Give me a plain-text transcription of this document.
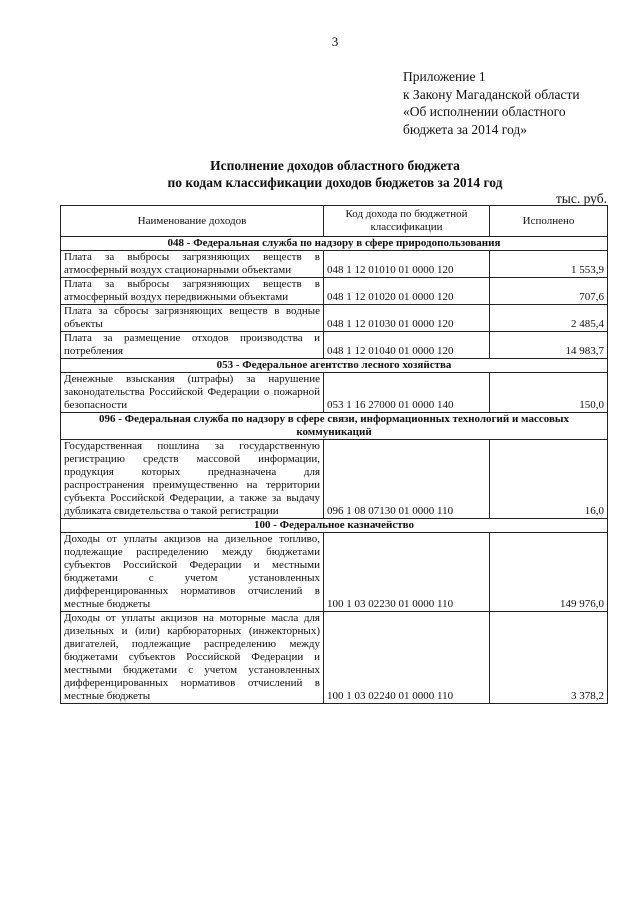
3
Приложение 1
к Закону Магаданской области
«Об исполнении областного
бюджета за 2014 год»
Исполнение доходов областного бюджета
по кодам классификации доходов бюджетов за 2014 год
тыс. руб.
Наименование доходов	Код дохода по бюджетной классификации	Исполнено
048 - Федеральная служба по надзору в сфере природопользования		
Плата за выбросы загрязняющих веществ в атмосферный воздух стационарными объектами	048 1 12 01010 01 0000 120	1 553,9
Плата за выбросы загрязняющих веществ в атмосферный воздух передвижными объектами	048 1 12 01020 01 0000 120	707,6
Плата за сбросы загрязняющих веществ в водные объекты	048 1 12 01030 01 0000 120	2 485,4
Плата за размещение отходов производства и потребления	048 1 12 01040 01 0000 120	14 983,7
053 - Федеральное агентство лесного хозяйства		
Денежные взыскания (штрафы) за нарушение законодательства Российской Федерации о пожарной безопасности	053 1 16 27000 01 0000 140	150,0
096 - Федеральная служба по надзору в сфере связи, информационных технологий и массовых коммуникаций		
Государственная пошлина за государственную регистрацию средств массовой информации, продукция которых предназначена для распространения преимущественно на территории субъекта Российской Федерации, а также за выдачу дубликата свидетельства о такой регистрации	096 1 08 07130 01 0000 110	16,0
100 - Федеральное казначейство		
Доходы от уплаты акцизов на дизельное топливо, подлежащие распределению между бюджетами субъектов Российской Федерации и местными бюджетами с учетом установленных дифференцированных нормативов отчислений в местные бюджеты	100 1 03 02230 01 0000 110	149 976,0
Доходы от уплаты акцизов на моторные масла для дизельных и (или) карбюраторных (инжекторных) двигателей, подлежащие распределению между бюджетами субъектов Российской Федерации и местными бюджетами с учетом установленных дифференцированных нормативов отчислений в местные бюджеты	100 1 03 02240 01 0000 110	3 378,2
